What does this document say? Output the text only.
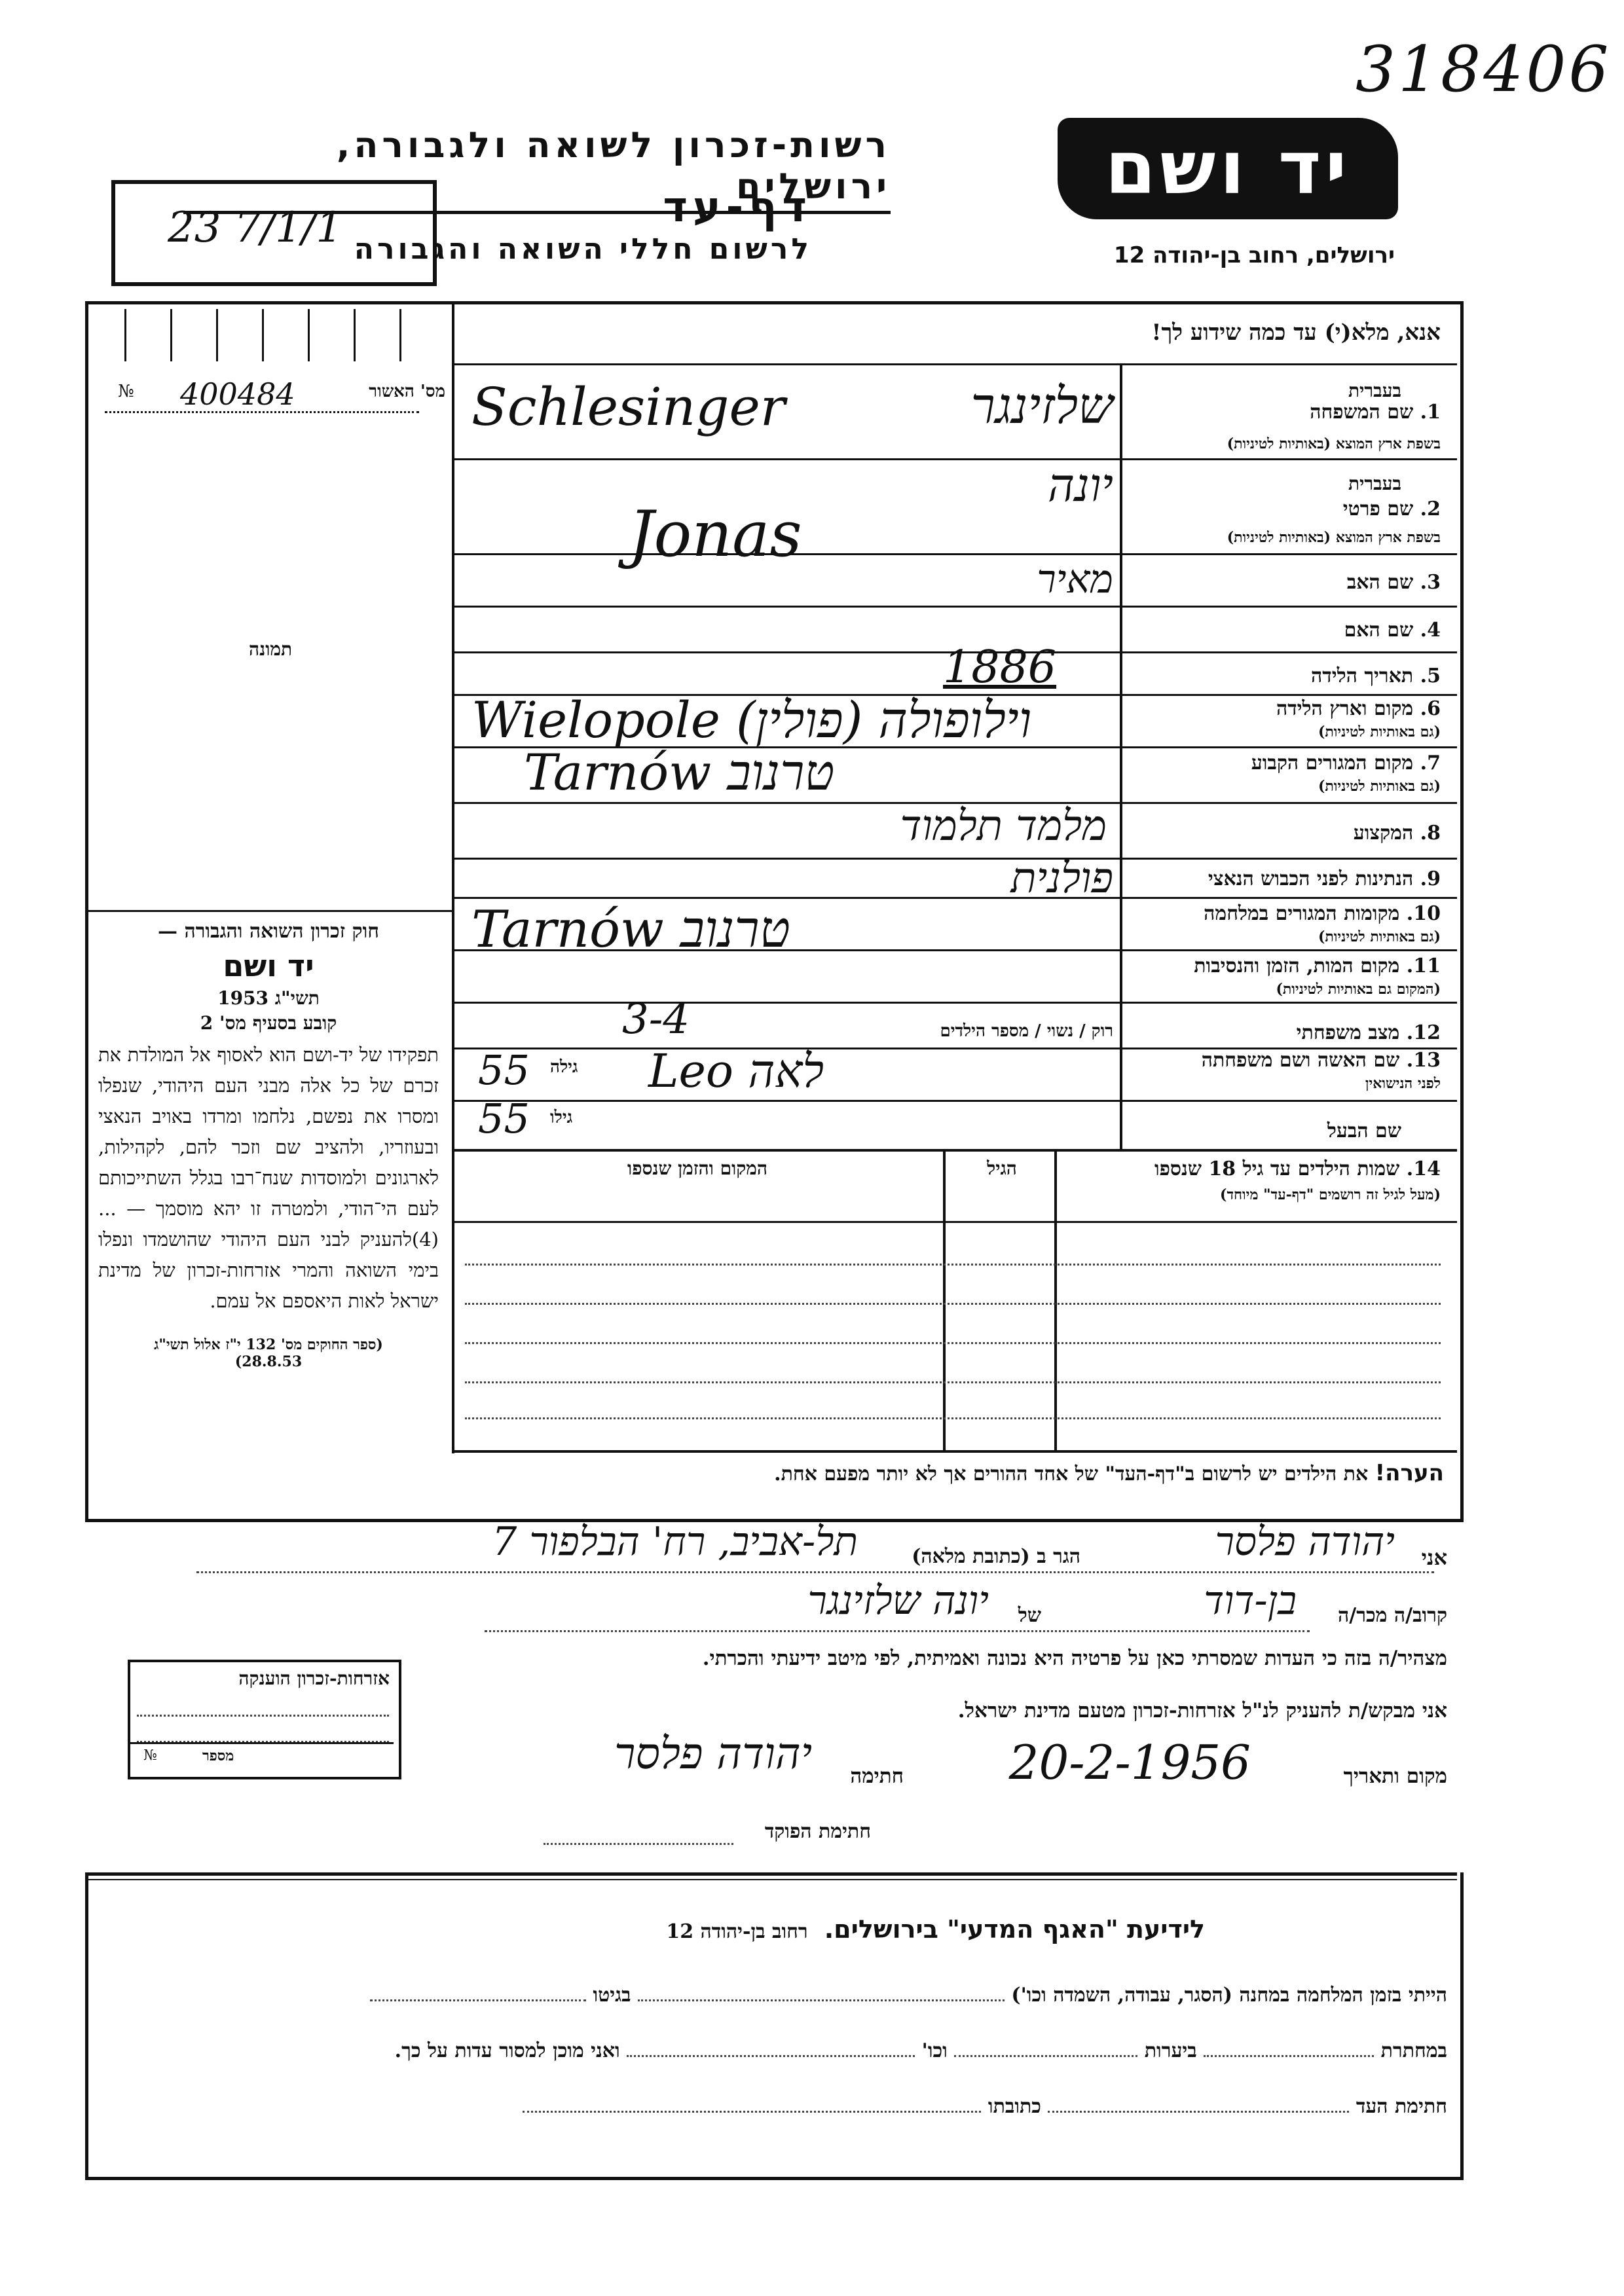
318406
רשות-זכרון לשואה ולגבורה, ירושלים	יד ושם
דף-עד
לרשום חללי השואה והגבורה	ירושלים, רחוב בן-יהודה 12
23 7/1/1
אנא, מלא(י) עד כמה שידוע לך!
№ 400484	מס' האשור
תמונה
חוק זכרון השואה והגבורה —
יד ושם
תשי"ג 1953
קובע בסעיף מס' 2
תפקידו של יד-ושם הוא לאסוף אל המולדת את זכרם של כל אלה מבני העם היהודי, שנפלו ומסרו את נפשם, נלחמו ומרדו באויב הנאצי ובעוזריו, ולהציב שם וזכר להם, לקהילות, לארגונים ולמוסדות שנח־רבו בגלל השתייכותם לעם הי־הודי, ולמטרה זו יהא מוסמך — ...(4)להעניק לבני העם היהודי שהושמדו ונפלו בימי השואה והמרי אזרחות-זכרון של מדינת ישראל לאות היאספם אל עמם.
(ספר החוקים מס' 132 י"ז אלול תשי"ג 28.8.53)
אזרחות-זכרון הוענקה
№	מספר
1. שם המשפחה
בעברית
בשפת ארץ המוצא (באותיות לטיניות)
Schlesinger	שלזינגר
בעברית
2. שם פרטי
בשפת ארץ המוצא (באותיות לטיניות)
יונה
Jonas
3. שם האב
מאיר
4. שם האם
5. תאריך הלידה
1886
6. מקום וארץ הלידה
(גם באותיות לטיניות)
Wielopole וילופולה (פולין)
7. מקום המגורים הקבוע
(גם באותיות לטיניות)
Tarnów טרנוב
8. המקצוע
מלמד תלמוד
9. הנתינות לפני הכבוש הנאצי
פולנית
10. מקומות המגורים במלחמה
(גם באותיות לטיניות)
Tarnów טרנוב
11. מקום המות, הזמן והנסיבות
(המקום גם באותיות לטיניות)
12. מצב משפחתי
רוק / נשוי / מספר הילדים
3-4
13. שם האשה ושם משפחתה
לפני הנישואין
55 גילה Leo לאה
שם הבעל
55 גילו
14. שמות הילדים עד גיל 18 שנספו
(מעל לגיל זה רושמים "דף-עד" מיוחד)
הגיל
המקום והזמן שנספו
הערה! את הילדים יש לרשום ב"דף-העד" של אחד ההורים אך לא יותר מפעם אחת.
אני
יהודה פלסר
הגר ב (כתובת מלאה)
תל-אביב, רח' הבלפור 7
קרוב/ה מכר/ה
בן-דוד
של
יונה שלזינגר
מצהיר/ה בזה כי העדות שמסרתי כאן על פרטיה היא נכונה ואמיתית, לפי מיטב ידיעתי והכרתי.
אני מבקש/ת להעניק לנ"ל אזרחות-זכרון מטעם מדינת ישראל.
מקום ותאריך
20-2-1956
חתימה
יהודה פלסר
חתימת הפוקד
לידיעת "האגף המדעי" בירושלים. רחוב בן-יהודה 12
הייתי בזמן המלחמה במחנה (הסגר, עבודה, השמדה וכו')  בגיטו
במחתרת  ביערות  וכו'  ואני מוכן למסור עדות על כך.
חתימת העד  כתובתו
